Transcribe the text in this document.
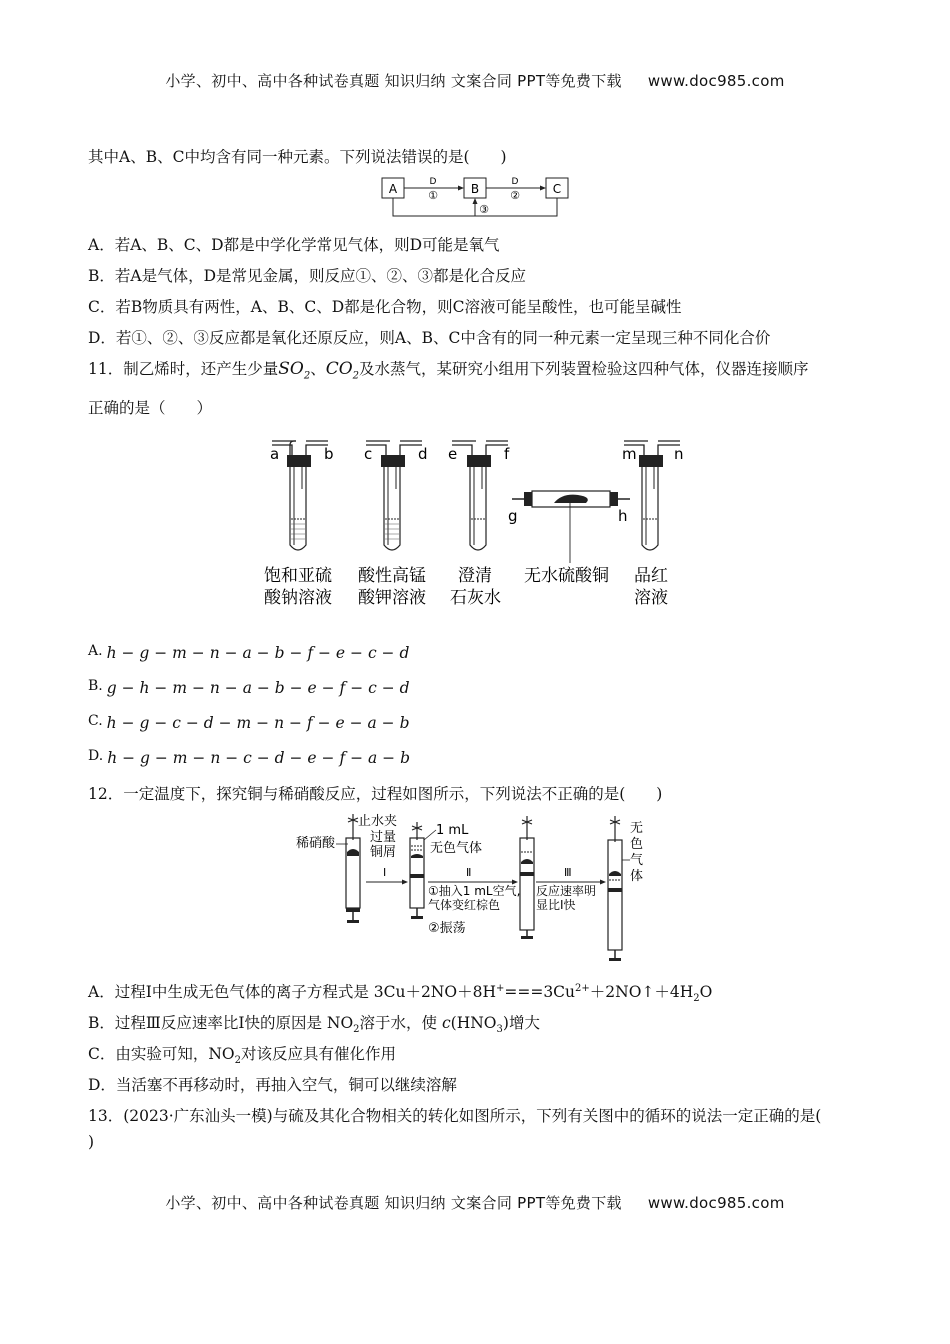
小学、初中、高中各种试卷真题 知识归纳 文案合同 PPT等免费下载 www.doc985.com
其中A、B、C中均含有同一种元素。下列说法错误的是(　　)
A	B	C
D
①
D
②
③
A．若A、B、C、D都是中学化学常见气体，则D可能是氧气
B．若A是气体，D是常见金属，则反应①、②、③都是化合反应
C．若B物质具有两性，A、B、C、D都是化合物，则C溶液可能呈酸性，也可能呈碱性
D．若①、②、③反应都是氧化还原反应，则A、B、C中含有的同一种元素一定呈现三种不同化合价
11．制乙烯时，还产生少量$SO_2$、$CO_2$及水蒸气，某研究小组用下列装置检验这四种气体，仪器连接顺序
正确的是（　　）
a	b c	d e	f
g	h
m n
饱和亚硫
酸钠溶液
酸性高锰
酸钾溶液
澄清
石灰水
无水硫酸铜 品红
溶液
A. h − g − m − n − a − b − f − e − c − d
B. g − h − m − n − a − b − e − f − c − d
C. h − g − c − d − m − n − f − e − a − b
D. h − g − m − n − c − d − e − f − a − b
12．一定温度下，探究铜与稀硝酸反应，过程如图所示，下列说法不正确的是(　　)
止水夹
过量
铜屑
稀硝酸
Ⅰ
1 mL
无色气体
Ⅱ
①抽入1 mL空气,
气体变红棕色
②振荡
Ⅲ
反应速率明
显比Ⅰ快
无
色
气
体
A．过程Ⅰ中生成无色气体的离子方程式是 $3Cu+2NO+8H^+===3Cu^{2+}+2NO↑+4H_2O$
B．过程Ⅲ反应速率比Ⅰ快的原因是 $NO_2$溶于水，使 $c(HNO_3)$增大
C．由实验可知，$NO_2$对该反应具有催化作用
D．当活塞不再移动时，再抽入空气，铜可以继续溶解
13．(2023·广东汕头一模)与硫及其化合物相关的转化如图所示，下列有关图中的循环的说法一定正确的是(
)
小学、初中、高中各种试卷真题 知识归纳 文案合同 PPT等免费下载 www.doc985.com
